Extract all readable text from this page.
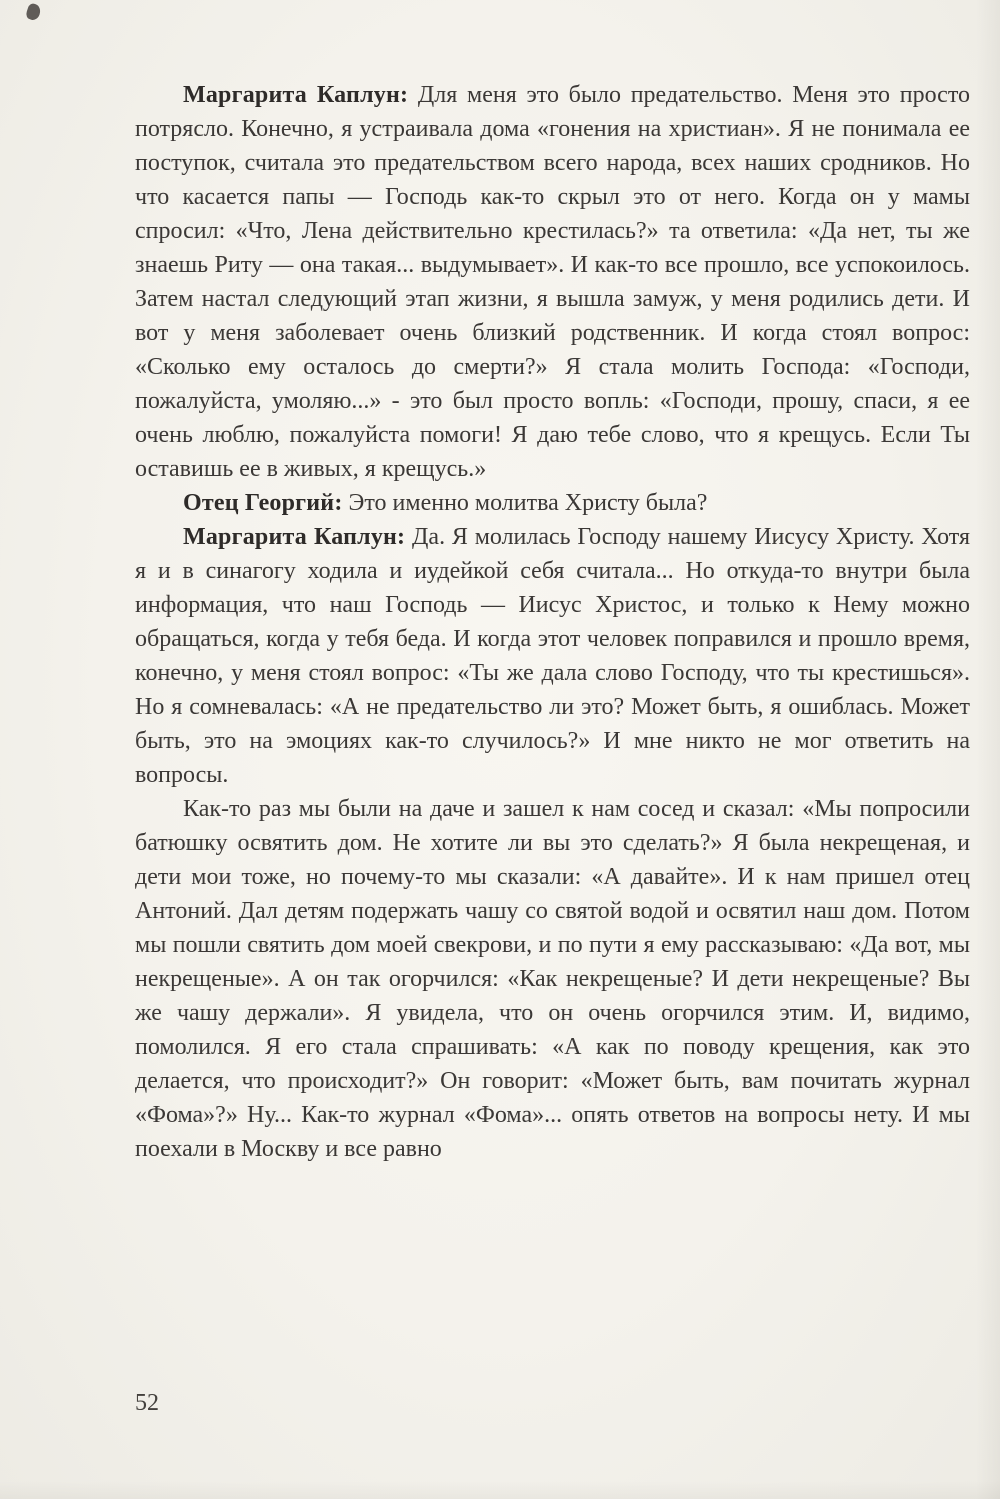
Маргарита Каплун: Для меня это было предательство. Меня это просто потрясло. Конечно, я устраивала дома «гонения на христиан». Я не понимала ее поступок, считала это предательством всего народа, всех наших сродников. Но что касается папы — Господь как-то скрыл это от него. Когда он у мамы спросил: «Что, Лена действительно крестилась?» та ответила: «Да нет, ты же знаешь Риту — она такая... выдумывает». И как-то все прошло, все успокоилось. Затем настал следующий этап жизни, я вышла замуж, у меня родились дети. И вот у меня заболевает очень близкий родственник. И когда стоял вопрос: «Сколько ему осталось до смерти?» Я стала молить Господа: «Господи, пожалуйста, умоляю...» - это был просто вопль: «Господи, прошу, спаси, я ее очень люблю, пожалуйста помоги! Я даю тебе слово, что я крещусь. Если Ты оставишь ее в живых, я крещусь.»

Отец Георгий: Это именно молитва Христу была?

Маргарита Каплун: Да. Я молилась Господу нашему Иисусу Христу. Хотя я и в синагогу ходила и иудейкой себя считала... Но откуда-то внутри была информация, что наш Господь — Иисус Христос, и только к Нему можно обращаться, когда у тебя беда. И когда этот человек поправился и прошло время, конечно, у меня стоял вопрос: «Ты же дала слово Господу, что ты крестишься». Но я сомневалась: «А не предательство ли это? Может быть, я ошиблась. Может быть, это на эмоциях как-то случилось?» И мне никто не мог ответить на вопросы.

Как-то раз мы были на даче и зашел к нам сосед и сказал: «Мы попросили батюшку освятить дом. Не хотите ли вы это сделать?» Я была некрещеная, и дети мои тоже, но почему-то мы сказали: «А давайте». И к нам пришел отец Антоний. Дал детям подержать чашу со святой водой и освятил наш дом. Потом мы пошли святить дом моей свекрови, и по пути я ему рассказываю: «Да вот, мы некрещеные». А он так огорчился: «Как некрещеные? И дети некрещеные? Вы же чашу держали». Я увидела, что он очень огорчился этим. И, видимо, помолился. Я его стала спрашивать: «А как по поводу крещения, как это делается, что происходит?» Он говорит: «Может быть, вам почитать журнал «Фома»?» Ну... Как-то журнал «Фома»... опять ответов на вопросы нету. И мы поехали в Москву и все равно

52
